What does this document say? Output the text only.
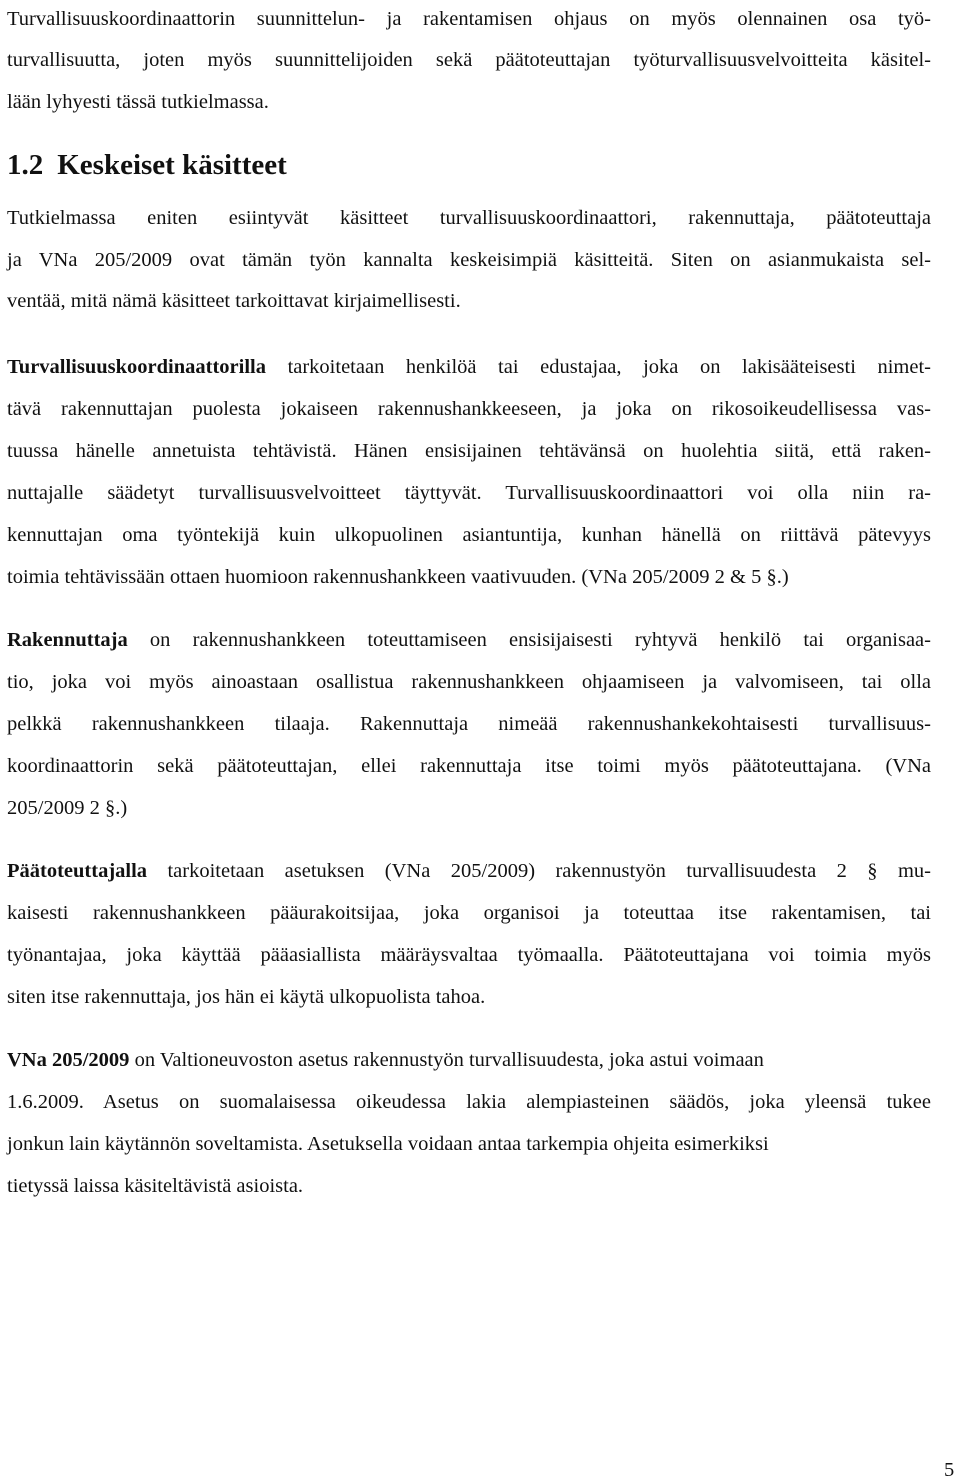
Turvallisuuskoordinaattorin suunnittelun- ja rakentamisen ohjaus on myös olennainen osa työ-
turvallisuutta, joten myös suunnittelijoiden sekä päätoteuttajan työturvallisuusvelvoitteita käsitel-
lään lyhyesti tässä tutkielmassa.
1.2 Keskeiset käsitteet
Tutkielmassa eniten esiintyvät käsitteet turvallisuuskoordinaattori, rakennuttaja, päätoteuttaja
ja VNa 205/2009 ovat tämän työn kannalta keskeisimpiä käsitteitä. Siten on asianmukaista sel-
ventää, mitä nämä käsitteet tarkoittavat kirjaimellisesti.
Turvallisuuskoordinaattorilla tarkoitetaan henkilöä tai edustajaa, joka on lakisääteisesti nimet-
tävä rakennuttajan puolesta jokaiseen rakennushankkeeseen, ja joka on rikosoikeudellisessa vas-
tuussa hänelle annetuista tehtävistä. Hänen ensisijainen tehtävänsä on huolehtia siitä, että raken-
nuttajalle säädetyt turvallisuusvelvoitteet täyttyvät. Turvallisuuskoordinaattori voi olla niin ra-
kennuttajan oma työntekijä kuin ulkopuolinen asiantuntija, kunhan hänellä on riittävä pätevyys
toimia tehtävissään ottaen huomioon rakennushankkeen vaativuuden. (VNa 205/2009 2 & 5 §.)
Rakennuttaja on rakennushankkeen toteuttamiseen ensisijaisesti ryhtyvä henkilö tai organisaa-
tio, joka voi myös ainoastaan osallistua rakennushankkeen ohjaamiseen ja valvomiseen, tai olla
pelkkä rakennushankkeen tilaaja. Rakennuttaja nimeää rakennushankekohtaisesti turvallisuus-
koordinaattorin sekä päätoteuttajan, ellei rakennuttaja itse toimi myös päätoteuttajana. (VNa
205/2009 2 §.)
Päätoteuttajalla tarkoitetaan asetuksen (VNa 205/2009) rakennustyön turvallisuudesta 2 § mu-
kaisesti rakennushankkeen pääurakoitsijaa, joka organisoi ja toteuttaa itse rakentamisen, tai
työnantajaa, joka käyttää pääasiallista määräysvaltaa työmaalla. Päätoteuttajana voi toimia myös
siten itse rakennuttaja, jos hän ei käytä ulkopuolista tahoa.
VNa 205/2009 on Valtioneuvoston asetus rakennustyön turvallisuudesta, joka astui voimaan
1.6.2009. Asetus on suomalaisessa oikeudessa lakia alempiasteinen säädös, joka yleensä tukee
jonkun lain käytännön soveltamista. Asetuksella voidaan antaa tarkempia ohjeita esimerkiksi
tietyssä laissa käsiteltävistä asioista.
5
